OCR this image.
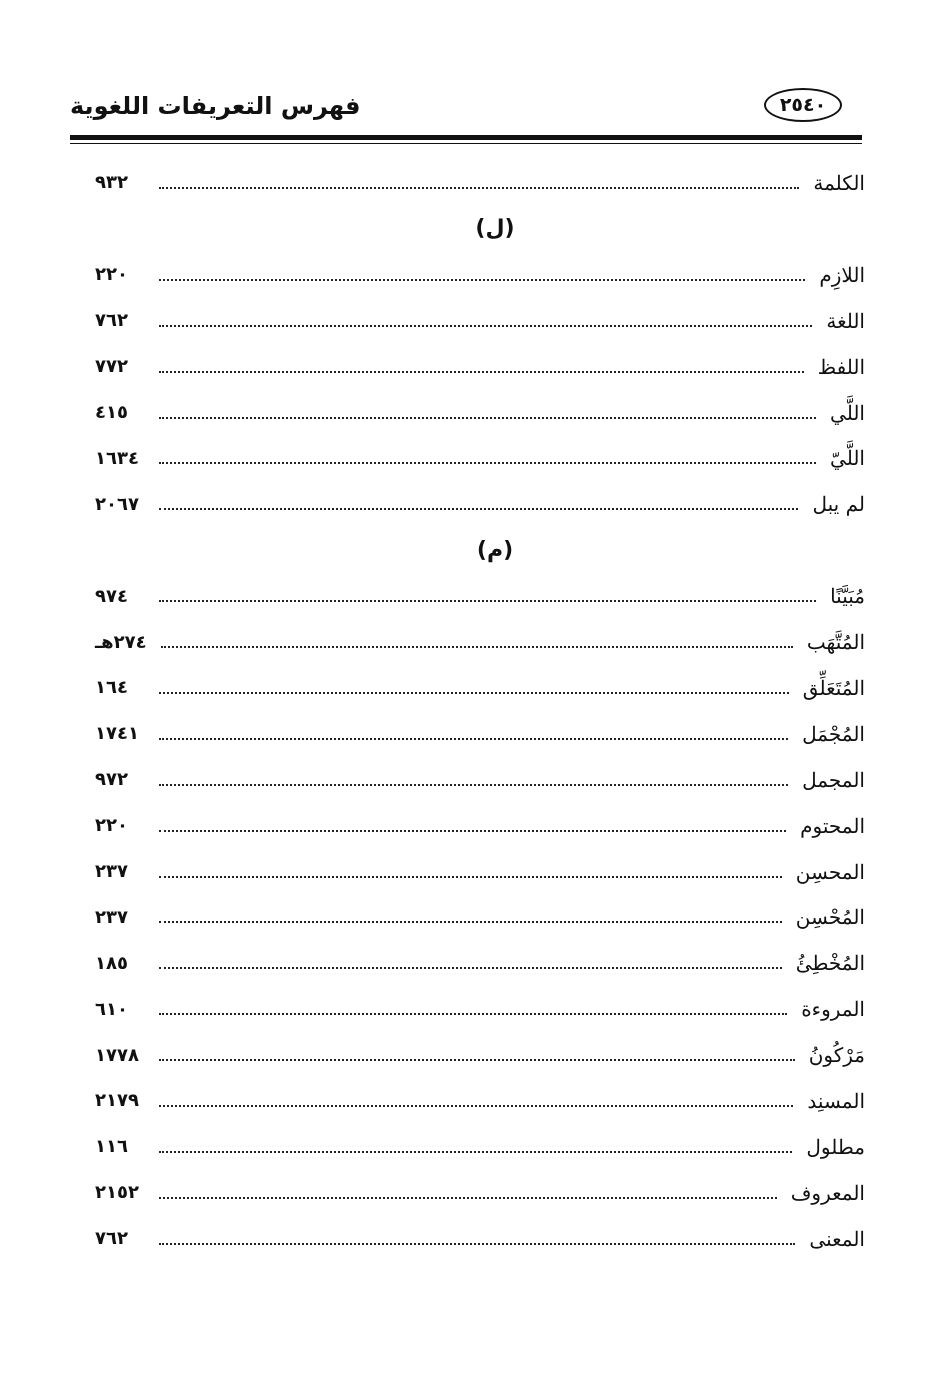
فهرس التعريفات اللغوية	٢٥٤٠
الكلمة
٩٣٢
(ل)
اللازِم
٢٢٠
اللغة
٧٦٢
اللفظ
٧٧٢
اللَّي
٤١٥
اللَّيّ
١٦٣٤
لم يبل
٢٠٦٧
(م)
مُبَيَّنًا
٩٧٤
المُتَّهَب
٢٧٤هـ
المُتَعَلِّق
١٦٤
المُجْمَل
١٧٤١
المجمل
٩٧٢
المحتوم
٢٢٠
المحسِن
٢٣٧
المُحْسِن
٢٣٧
المُخْطِئُ
١٨٥
المروءة
٦١٠
مَرْكُونُ
١٧٧٨
المسنِد
٢١٧٩
مطلول
١١٦
المعروف
٢١٥٢
المعنى
٧٦٢
